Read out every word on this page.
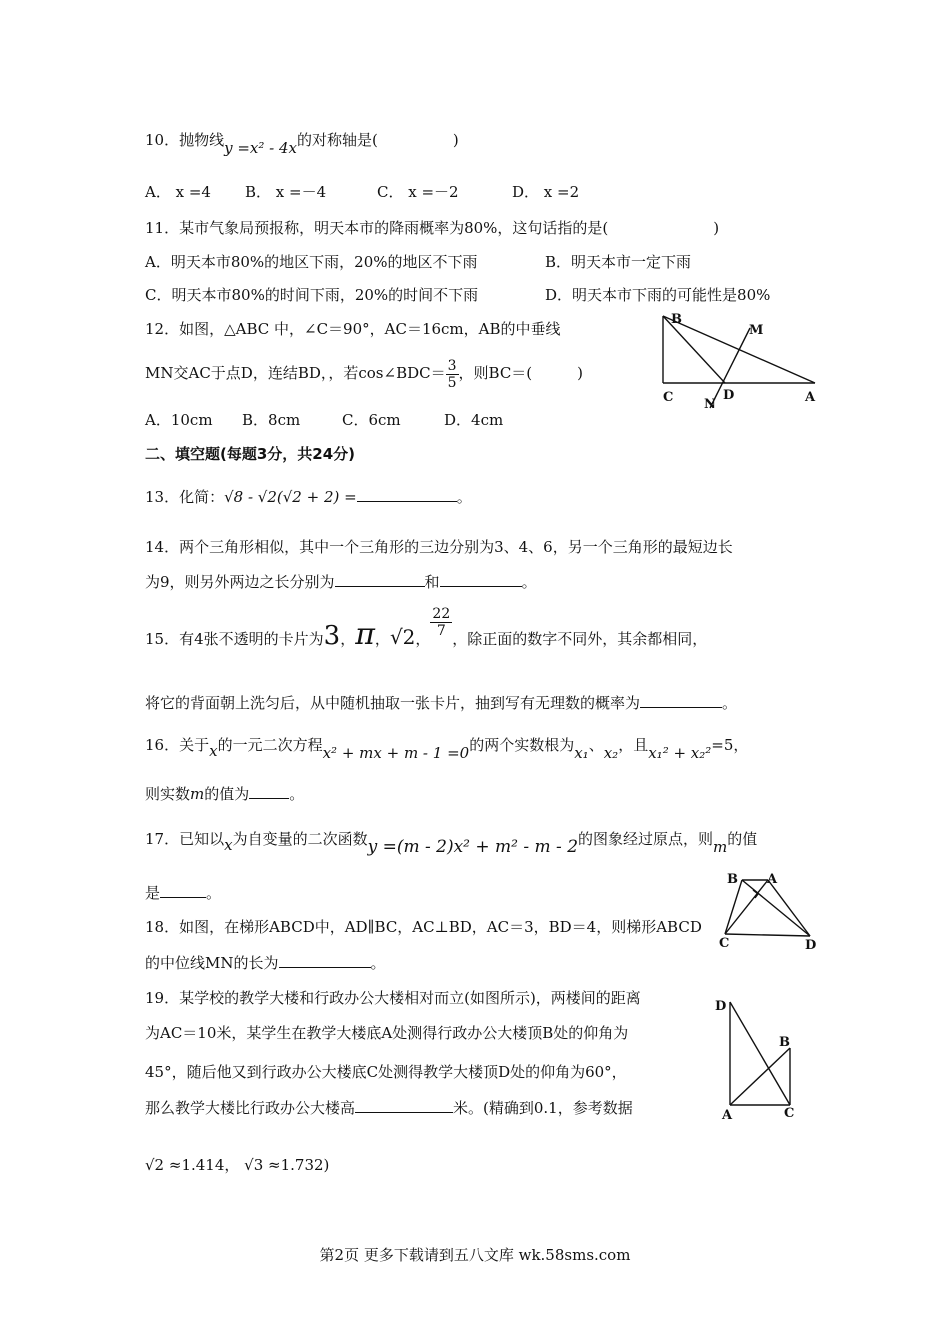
10．抛物线y =x² - 4x的对称轴是(　　　　　)
A． x =4 B． x =－4	C． x =－2	D． x =2
11．某市气象局预报称，明天本市的降雨概率为80%，这句话指的是(　　　　　　　)
A．明天本市80%的地区下雨，20%的地区不下雨	B．明天本市一定下雨
C．明天本市80%的时间下雨，20%的时间不下雨	D．明天本市下雨的可能性是80%
12．如图，△ABC 中，∠C＝90°，AC＝16cm，AB的中垂线
MN交AC于点D，连结BD，，若cos∠BDC＝ $\frac{3}{5}$ ，则BC＝(　　　)
A．10cm B．8cm	C．6cm	D．4cm
B
M
C N
D	A
二、填空题(每题3分，共24分)
13．化简：√8 - √2(√2 + 2) =	。
14．两个三角形相似，其中一个三角形的三边分别为3、4、6，另一个三角形的最短边长
为9，则另外两边之长分别为	和	。
15．有4张不透明的卡片为3，π，√2，
$\frac{22}{7}$
，除正面的数字不同外，其余都相同，
将它的背面朝上洗匀后，从中随机抽取一张卡片，抽到写有无理数的概率为	。
16．关于x的一元二次方程x² + mx + m - 1 =0的两个实数根为x₁、x₂，且x₁² + x₂²=5，
则实数m的值为	。
17．已知以x为自变量的二次函数y =(m - 2)x² + m² - m - 2的图象经过原点，则m的值
是	。
18．如图，在梯形ABCD中，AD∥BC，AC⊥BD，AC＝3，BD＝4，则梯形ABCD
的中位线MN的长为	。
B A
C	D
19．某学校的教学大楼和行政办公大楼相对而立(如图所示)，两楼间的距离
为AC＝10米，某学生在教学大楼底A处测得行政办公大楼顶B处的仰角为
45°，随后他又到行政办公大楼底C处测得教学大楼顶D处的仰角为60°，
那么教学大楼比行政办公大楼高	米。(精确到0.1，参考数据
√2 ≈1.414， √3 ≈1.732)
D
B
A	C
第2页 更多下载请到五八文库 wk.58sms.com
